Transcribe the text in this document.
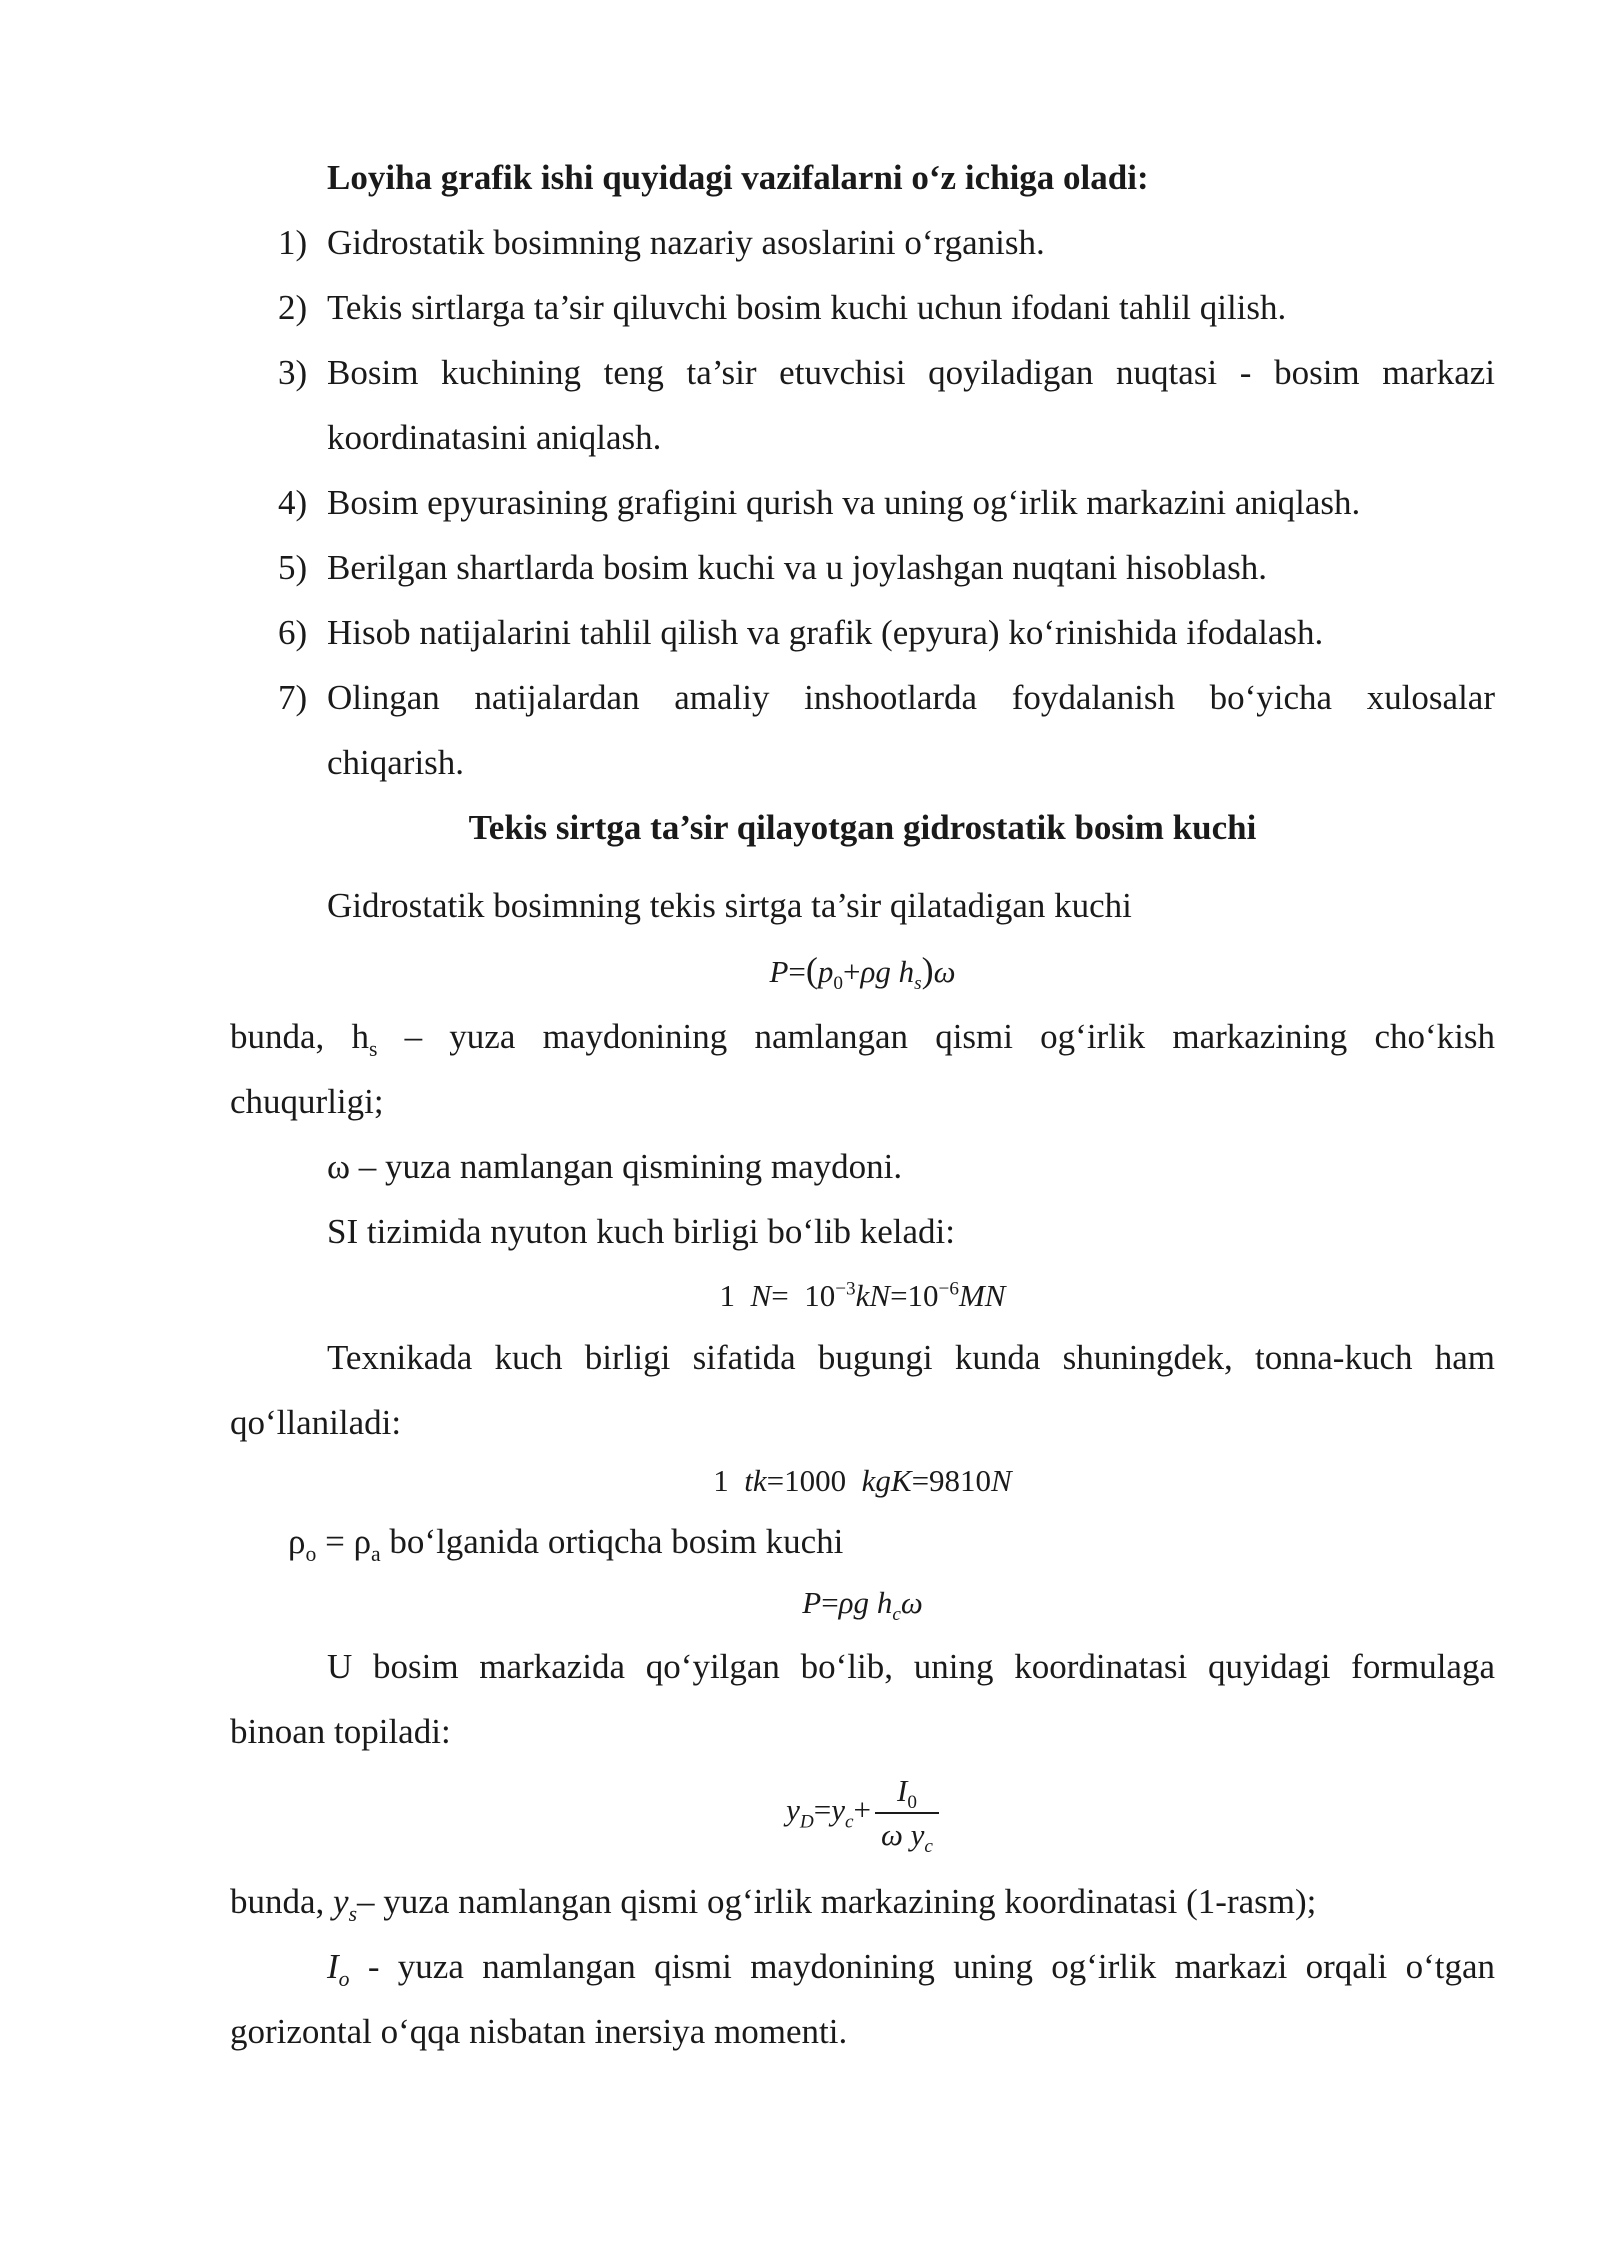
Loyiha grafik ishi quyidagi vazifalarni o‘z ichiga oladi:
1) Gidrostatik bosimning nazariy asoslarini o‘rganish.
2) Tekis sirtlarga ta’sir qiluvchi bosim kuchi uchun ifodani tahlil qilish.
3) Bosim kuchining teng ta’sir etuvchisi qoyiladigan nuqtasi - bosim markazi
koordinatasini aniqlash.
4) Bosim epyurasining grafigini qurish va uning og‘irlik markazini aniqlash.
5) Berilgan shartlarda bosim kuchi va u joylashgan nuqtani hisoblash.
6) Hisob natijalarini tahlil qilish va grafik (epyura) ko‘rinishida ifodalash.
7) Olingan natijalardan amaliy inshootlarda foydalanish bo‘yicha xulosalar
chiqarish.
Tekis sirtga ta’sir qilayotgan gidrostatik bosim kuchi
Gidrostatik bosimning tekis sirtga ta’sir qilatadigan kuchi
$P=(p_0+\rho g$ $h_s)\omega$
bunda, $h_s$ – yuza maydonining namlangan qismi og‘irlik markazining cho‘kish
chuqurligi;
ω – yuza namlangan qismining maydoni.
SI tizimida nyuton kuch birligi bo‘lib keladi:
1 $N= 10^{-3}kN=10^{-6}MN$
Texnikada kuch birligi sifatida bugungi kunda shuningdek, tonna-kuch ham
qo‘llaniladi:
1 tk=1000 kgK=9810N
$\rho_o = \rho_a$ bo‘lganida ortiqcha bosim kuchi
P=ρg $h_c\omega$
U bosim markazida qo‘yilgan bo‘lib, uning koordinatasi quyidagi formulaga
binoan topiladi:
$y_D=y_c+ \frac{I_0}{\omega y_c}$
bunda, $y_s-$ yuza namlangan qismi og‘irlik markazining koordinatasi (1-rasm);
$I_o$ - yuza namlangan qismi maydonining uning og‘irlik markazi orqali o‘tgan
gorizontal o‘qqa nisbatan inersiya momenti.
